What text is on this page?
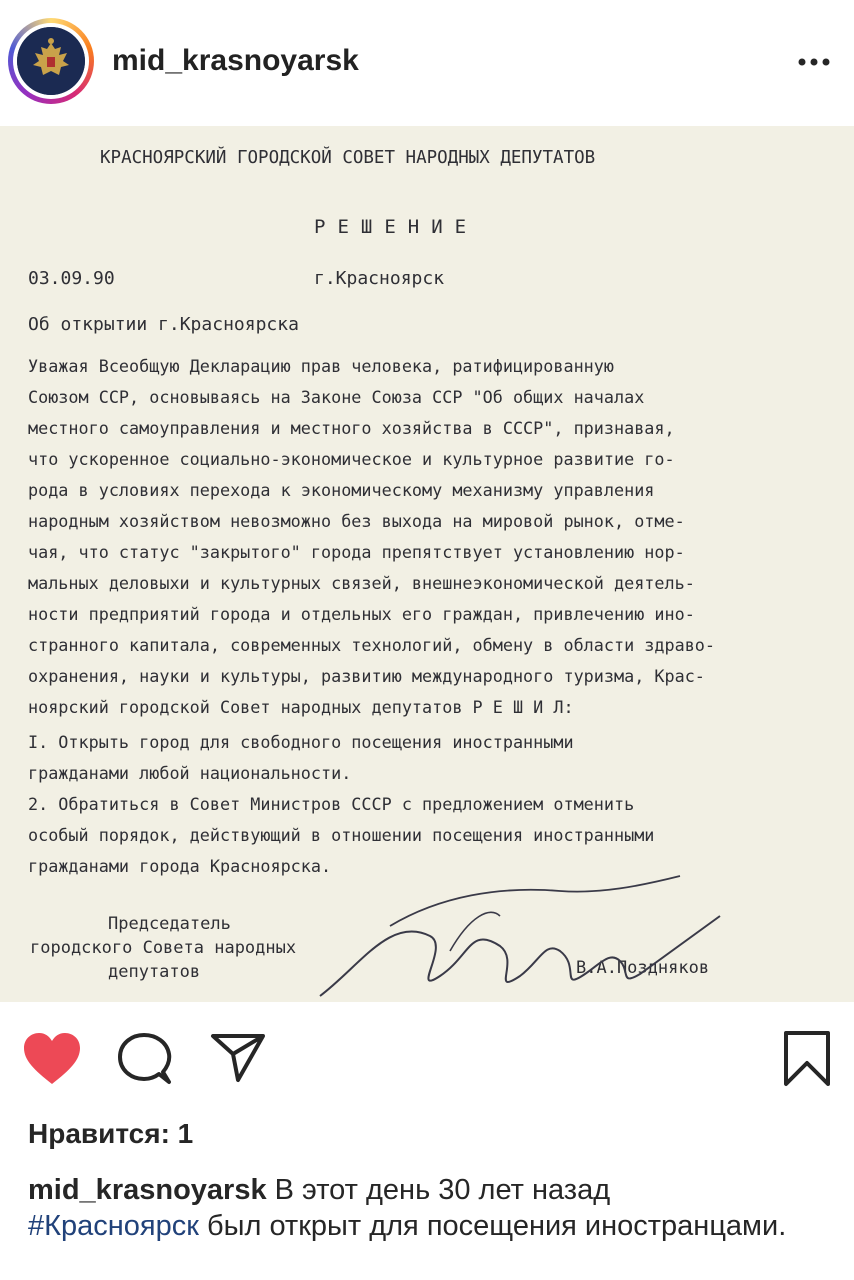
mid_krasnoyarsk
КРАСНОЯРСКИЙ ГОРОДСКОЙ СОВЕТ НАРОДНЫХ ДЕПУТАТОВ
РЕШЕНИЕ
03.09.90	г.Красноярск
Об открытии г.Красноярска

Уважая Всеобщую Декларацию прав человека, ратифицированную

Союзом ССР, основываясь на Законе Союза ССР "Об общих началах

местного самоуправления и местного хозяйства в СССР", признавая,

что ускоренное социально-экономическое и культурное развитие го-

рода в условиях перехода к экономическому механизму управления

народным хозяйством невозможно без выхода на мировой рынок, отме-

чая, что статус "закрытого" города препятствует установлению нор-

мальных деловыхи и культурных связей, внешнеэкономической деятель-

ности предприятий города и отдельных его граждан, привлечению ино-

странного капитала, современных технологий, обмену в области здраво-

охранения, науки и культуры, развитию международного туризма, Крас-

ноярский городской Совет народных депутатов Р Е Ш И Л:

I. Открыть город для свободного посещения иностранными

гражданами любой национальности.

2. Обратиться в Совет Министров СССР с предложением отменить

особый порядок, действующий в отношении посещения иностранными

гражданами города Красноярска.

Председатель
городского Совета народных
депутатов	В.А.Поздняков
Нравится: 1
mid_krasnoyarsk В этот день 30 лет назад
#Красноярск был открыт для посещения иностранцами.
